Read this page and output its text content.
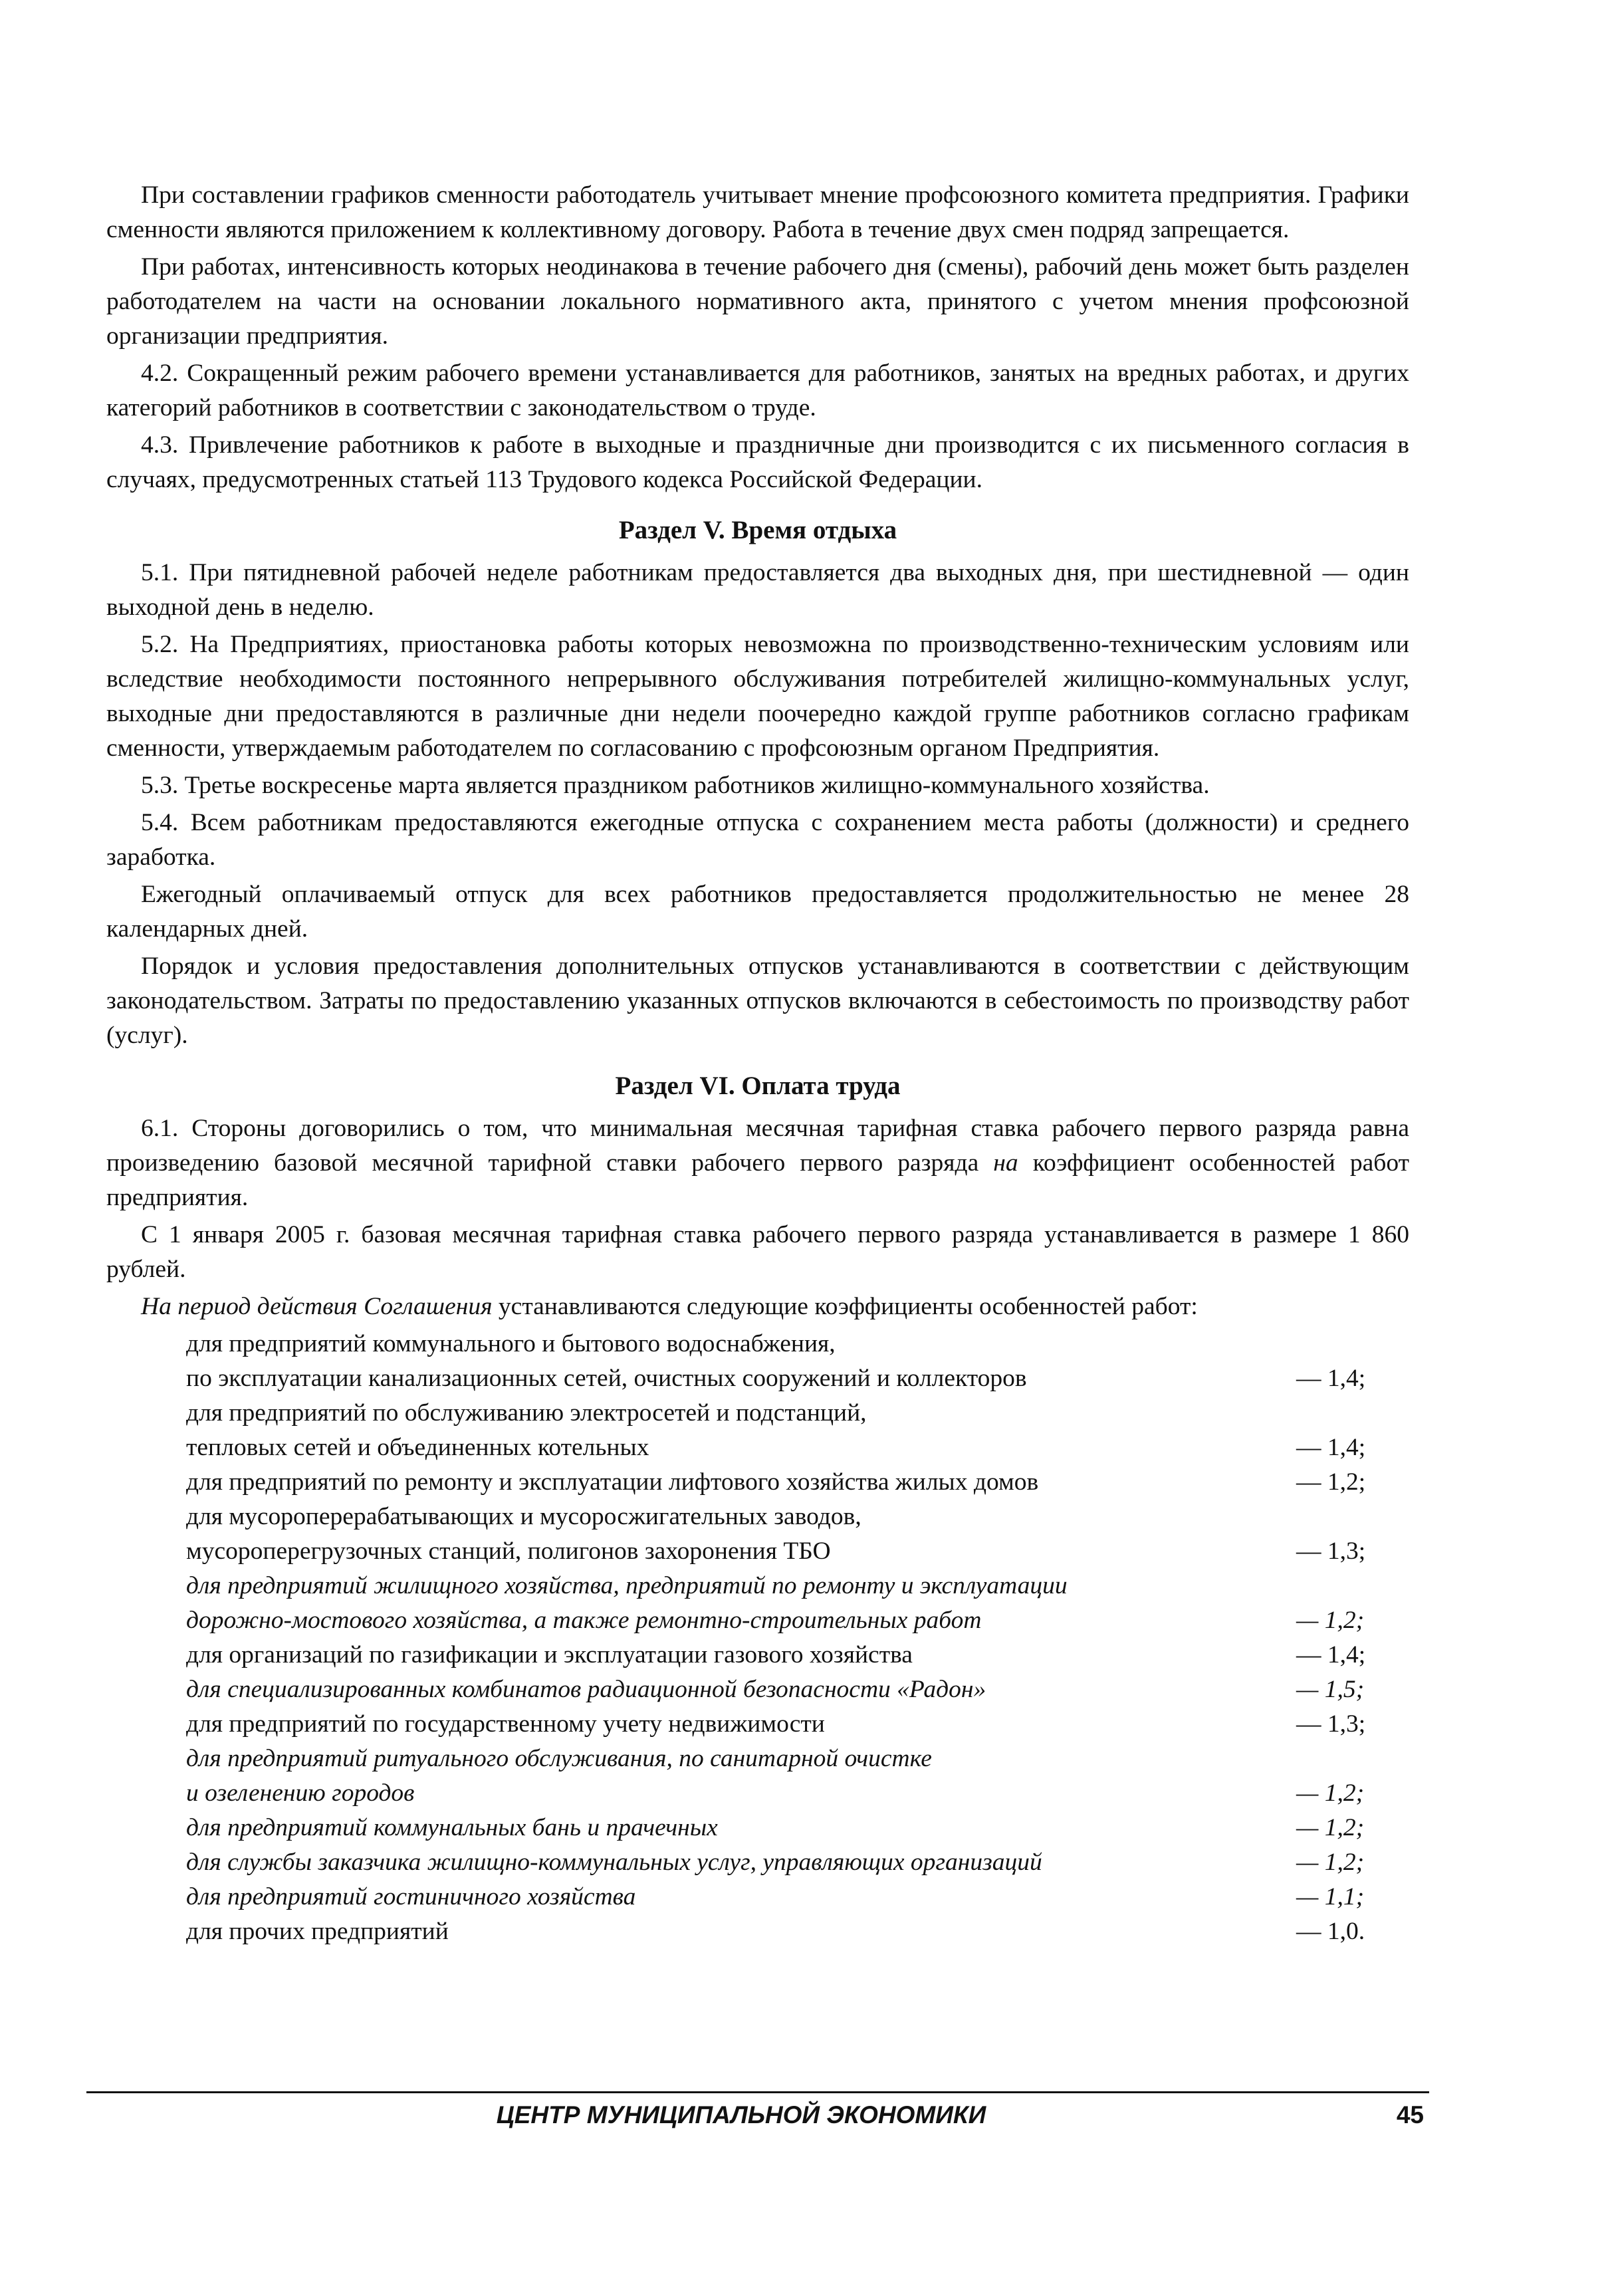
При составлении графиков сменности работодатель учитывает мнение профсоюзного комитета предприятия. Графики сменности являются приложением к коллективному договору. Работа в течение двух смен подряд запрещается.

При работах, интенсивность которых неодинакова в течение рабочего дня (смены), рабочий день может быть разделен работодателем на части на основании локального нормативного акта, принятого с учетом мнения профсоюзной организации предприятия.

4.2. Сокращенный режим рабочего времени устанавливается для работников, занятых на вредных работах, и других категорий работников в соответствии с законодательством о труде.

4.3. Привлечение работников к работе в выходные и праздничные дни производится с их письменного согласия в случаях, предусмотренных статьей 113 Трудового кодекса Российской Федерации.

Раздел V. Время отдыха

5.1. При пятидневной рабочей неделе работникам предоставляется два выходных дня, при шестидневной — один выходной день в неделю.

5.2. На Предприятиях, приостановка работы которых невозможна по производственно-техническим условиям или вследствие необходимости постоянного непрерывного обслуживания потребителей жилищно-коммунальных услуг, выходные дни предоставляются в различные дни недели поочередно каждой группе работников согласно графикам сменности, утверждаемым работодателем по согласованию с профсоюзным органом Предприятия.

5.3. Третье воскресенье марта является праздником работников жилищно-коммунального хозяйства.

5.4. Всем работникам предоставляются ежегодные отпуска с сохранением места работы (должности) и среднего заработка.

Ежегодный оплачиваемый отпуск для всех работников предоставляется продолжительностью не менее 28 календарных дней.

Порядок и условия предоставления дополнительных отпусков устанавливаются в соответствии с действующим законодательством. Затраты по предоставлению указанных отпусков включаются в себестоимость по производству работ (услуг).

Раздел VI. Оплата труда

6.1. Стороны договорились о том, что минимальная месячная тарифная ставка рабочего первого разряда равна произведению базовой месячной тарифной ставки рабочего первого разряда на коэффициент особенностей работ предприятия.

С 1 января 2005 г. базовая месячная тарифная ставка рабочего первого разряда устанавливается в размере 1 860 рублей.

На период действия Соглашения устанавливаются следующие коэффициенты особенностей работ:

для предприятий коммунального и бытового водоснабжения,
по эксплуатации канализационных сетей, очистных сооружений и коллекторов	— 1,4;
для предприятий по обслуживанию электросетей и подстанций,
тепловых сетей и объединенных котельных	— 1,4;
для предприятий по ремонту и эксплуатации лифтового хозяйства жилых домов	— 1,2;
для мусороперерабатывающих и мусоросжигательных заводов,
мусороперегрузочных станций, полигонов захоронения ТБО	— 1,3;
для предприятий жилищного хозяйства, предприятий по ремонту и эксплуатации
дорожно-мостового хозяйства, а также ремонтно-строительных работ	— 1,2;
для организаций по газификации и эксплуатации газового хозяйства	— 1,4;
для специализированных комбинатов радиационной безопасности «Радон»	— 1,5;
для предприятий по государственному учету недвижимости	— 1,3;
для предприятий ритуального обслуживания, по санитарной очистке
и озеленению городов	— 1,2;
для предприятий коммунальных бань и прачечных	— 1,2;
для службы заказчика жилищно-коммунальных услуг, управляющих организаций	— 1,2;
для предприятий гостиничного хозяйства	— 1,1;
для прочих предприятий	— 1,0.
ЦЕНТР МУНИЦИПАЛЬНОЙ ЭКОНОМИКИ	45
